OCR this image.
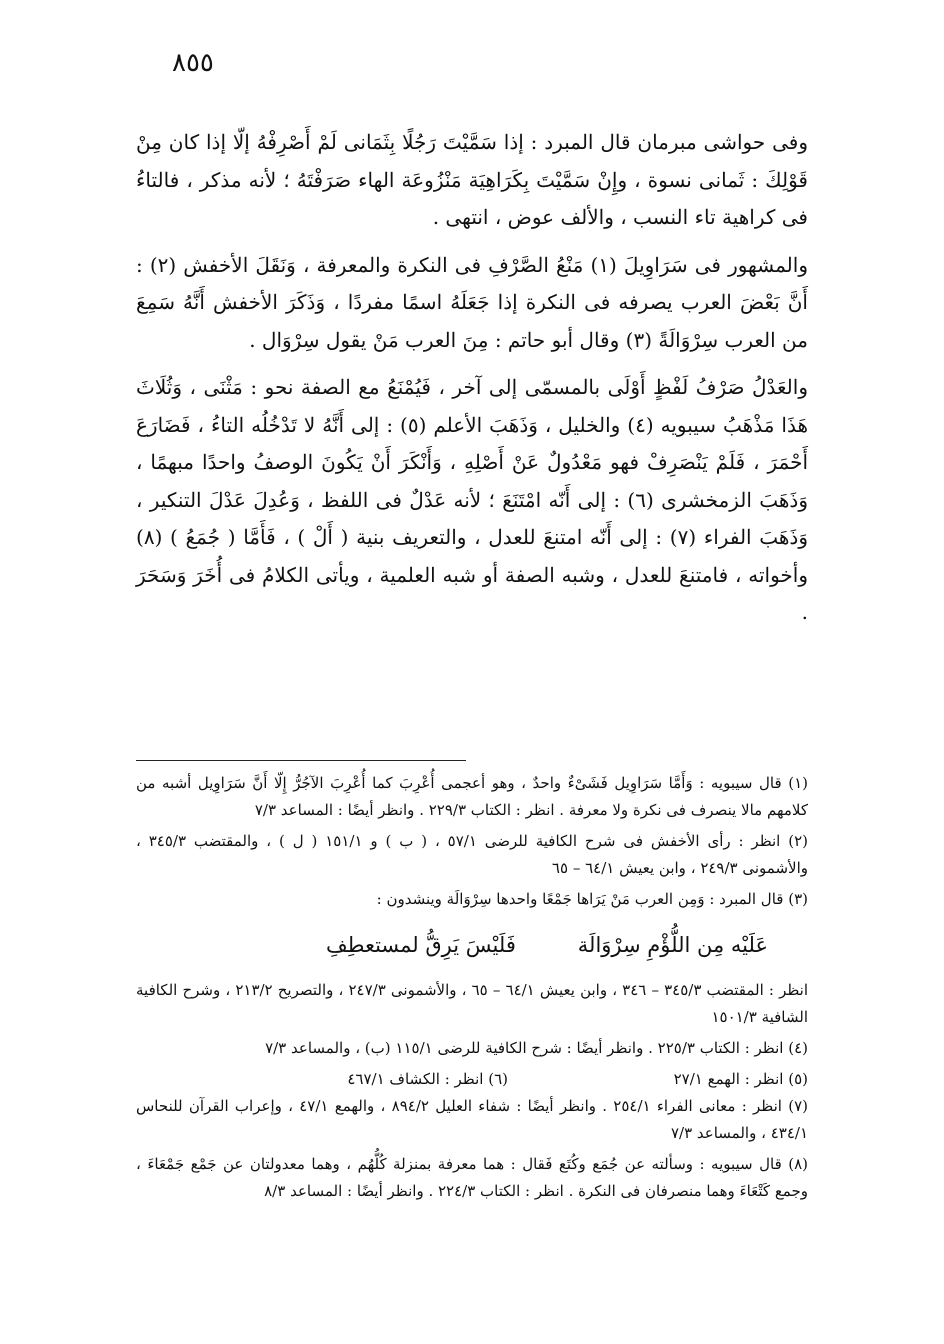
٨٥٥

وفى حواشى مبرمان قال المبرد : إذا سَمَّيْتَ رَجُلًا بِثَمَانى لَمْ أَصْرِفْهُ إلّا إذا كان مِنْ قَوْلِكَ : ثَمانى نسوة ، وإِنْ سَمَّيْتَ بِكَرَاهِيَة مَنْزُوعَة الهاء صَرَفْتَهُ ؛ لأنه مذكر ، فالتاءُ فى كراهية تاء النسب ، والألف عوض ، انتهى .

والمشهور فى سَرَاوِيلَ (١) مَنْعُ الصَّرْفِ فى النكرة والمعرفة ، وَنَقَلَ الأخفش (٢) : أَنَّ بَعْضَ العرب يصرفه فى النكرة إذا جَعَلَهُ اسمًا مفردًا ، وَذَكَرَ الأخفش أَنَّهُ سَمِعَ من العرب سِرْوَالَةً (٣) وقال أبو حاتم : مِنَ العرب مَنْ يقول سِرْوَال .

والعَدْلُ صَرْفُ لَفْظٍ أَوْلَى بالمسمّى إلى آخر ، فَيُمْنَعُ مع الصفة نحو : مَثْنَى ، وَثُلَاثَ هَذَا مَذْهَبُ سيبويه (٤) والخليل ، وَذَهَبَ الأعلم (٥) : إلى أَنَّهُ لا تَدْخُلُه التاءُ ، فَضَارَعَ أَحْمَرَ ، فَلَمْ يَنْصَرِفْ فهو مَعْدُولٌ عَنْ أَصْلِهِ ، وَأَنْكَرَ أَنْ يَكُونَ الوصفُ واحدًا مبهمًا ، وَذَهَبَ الزمخشرى (٦) : إلى أَنّه امْتَنَعَ ؛ لأنه عَدْلٌ فى اللفظ ، وَعُدِلَ عَدْلَ التنكير ، وَذَهَبَ الفراء (٧) : إلى أَنّه امتنعَ للعدل ، والتعريف بنية ( أَلْ ) ، فَأَمَّا ( جُمَعُ ) (٨) وأخواته ، فامتنعَ للعدل ، وشبه الصفة أو شبه العلمية ، ويأتى الكلامُ فى أُخَرَ وَسَحَرَ .

(١) قال سيبويه : وَأَمَّا سَرَاوِيل فَشَىْءٌ واحدٌ ، وهو أعجمى أُعْرِبَ كما أُعْرِبَ الآجُرُّ إِلّا أَنَّ سَرَاوِيل أشبه من كلامهم مالا ينصرف فى نكرة ولا معرفة . انظر : الكتاب ٢٢٩/٣ . وانظر أيضًا : المساعد ٧/٣

(٢) انظر : رأى الأخفش فى شرح الكافية للرضى ٥٧/١ ، ( ب ) و ١٥١/١ ( ل ) ، والمقتضب ٣٤٥/٣ ، والأشمونى ٢٤٩/٣ ، وابن يعيش ٦٤/١ – ٦٥

(٣) قال المبرد : وَمِن العرب مَنْ يَرَاها جَمْعًا واحدها سِرْوَالَة وينشدون :

عَلَيْه مِن اللُّؤْمِ سِرْوَالَة
فَلَيْسَ يَرِقُّ لمستعطِفِ

انظر : المقتضب ٣٤٥/٣ – ٣٤٦ ، وابن يعيش ٦٤/١ – ٦٥ ، والأشمونى ٢٤٧/٣ ، والتصريح ٢١٣/٢ ، وشرح الكافية الشافية ١٥٠١/٣

(٤) انظر : الكتاب ٢٢٥/٣ . وانظر أيضًا : شرح الكافية للرضى ١١٥/١ (ب) ، والمساعد ٧/٣

(٥) انظر : الهمع ٢٧/١
(٦) انظر : الكشاف ٤٦٧/١

(٧) انظر : معانى الفراء ٢٥٤/١ . وانظر أيضًا : شفاء العليل ٨٩٤/٢ ، والهمع ٤٧/١ ، وإعراب القرآن للنحاس ٤٣٤/١ ، والمساعد ٧/٣

(٨) قال سيبويه : وسألته عن جُمَع وكُتَع فَقال : هما معرفة بمنزلة كُلُّهُم ، وهما معدولتان عن جَمْع جَمْعَاءَ ، وجمع كَتْعَاءَ وهما منصرفان فى النكرة . انظر : الكتاب ٢٢٤/٣ . وانظر أيضًا : المساعد ٨/٣
